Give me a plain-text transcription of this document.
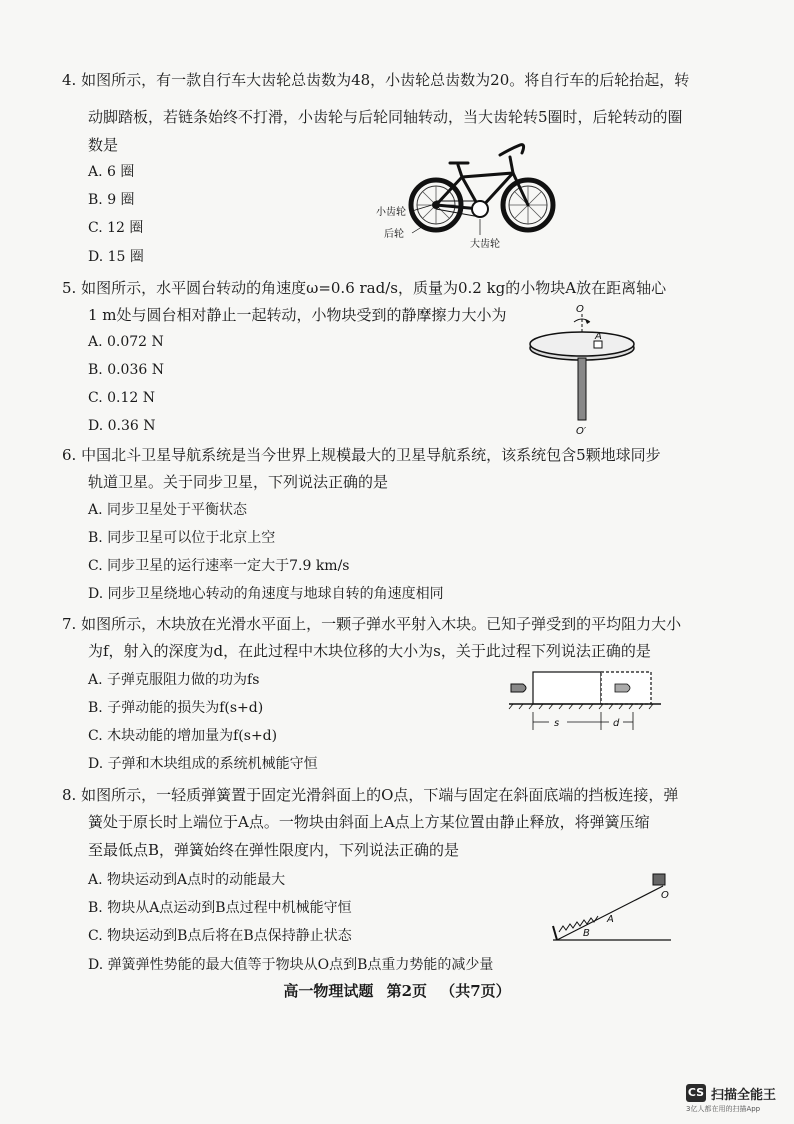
4. 如图所示，有一款自行车大齿轮总齿数为48，小齿轮总齿数为20。将自行车的后轮抬起，转
动脚踏板，若链条始终不打滑，小齿轮与后轮同轴转动，当大齿轮转5圈时，后轮转动的圈
数是
A. 6 圈
B. 9 圈
C. 12 圈
D. 15 圈
小齿轮
后轮
大齿轮
5. 如图所示，水平圆台转动的角速度ω=0.6 rad/s，质量为0.2 kg的小物块A放在距离轴心
1 m处与圆台相对静止一起转动，小物块受到的静摩擦力大小为
A. 0.072 N
B. 0.036 N
C. 0.12 N
D. 0.36 N
O
A
O′
6. 中国北斗卫星导航系统是当今世界上规模最大的卫星导航系统，该系统包含5颗地球同步
轨道卫星。关于同步卫星，下列说法正确的是
A. 同步卫星处于平衡状态
B. 同步卫星可以位于北京上空
C. 同步卫星的运行速率一定大于7.9 km/s
D. 同步卫星绕地心转动的角速度与地球自转的角速度相同
7. 如图所示，木块放在光滑水平面上，一颗子弹水平射入木块。已知子弹受到的平均阻力大小
为f，射入的深度为d，在此过程中木块位移的大小为s，关于此过程下列说法正确的是
A. 子弹克服阻力做的功为fs
B. 子弹动能的损失为f(s+d)
C. 木块动能的增加量为f(s+d)
D. 子弹和木块组成的系统机械能守恒
s	d
8. 如图所示，一轻质弹簧置于固定光滑斜面上的O点，下端与固定在斜面底端的挡板连接，弹
簧处于原长时上端位于A点。一物块由斜面上A点上方某位置由静止释放，将弹簧压缩
至最低点B，弹簧始终在弹性限度内，下列说法正确的是
A. 物块运动到A点时的动能最大
B. 物块从A点运动到B点过程中机械能守恒
C. 物块运动到B点后将在B点保持静止状态
D. 弹簧弹性势能的最大值等于物块从O点到B点重力势能的减少量
O
A
B
高一物理试题 第2页 （共7页）
CS 扫描全能王
3亿人都在用的扫描App
